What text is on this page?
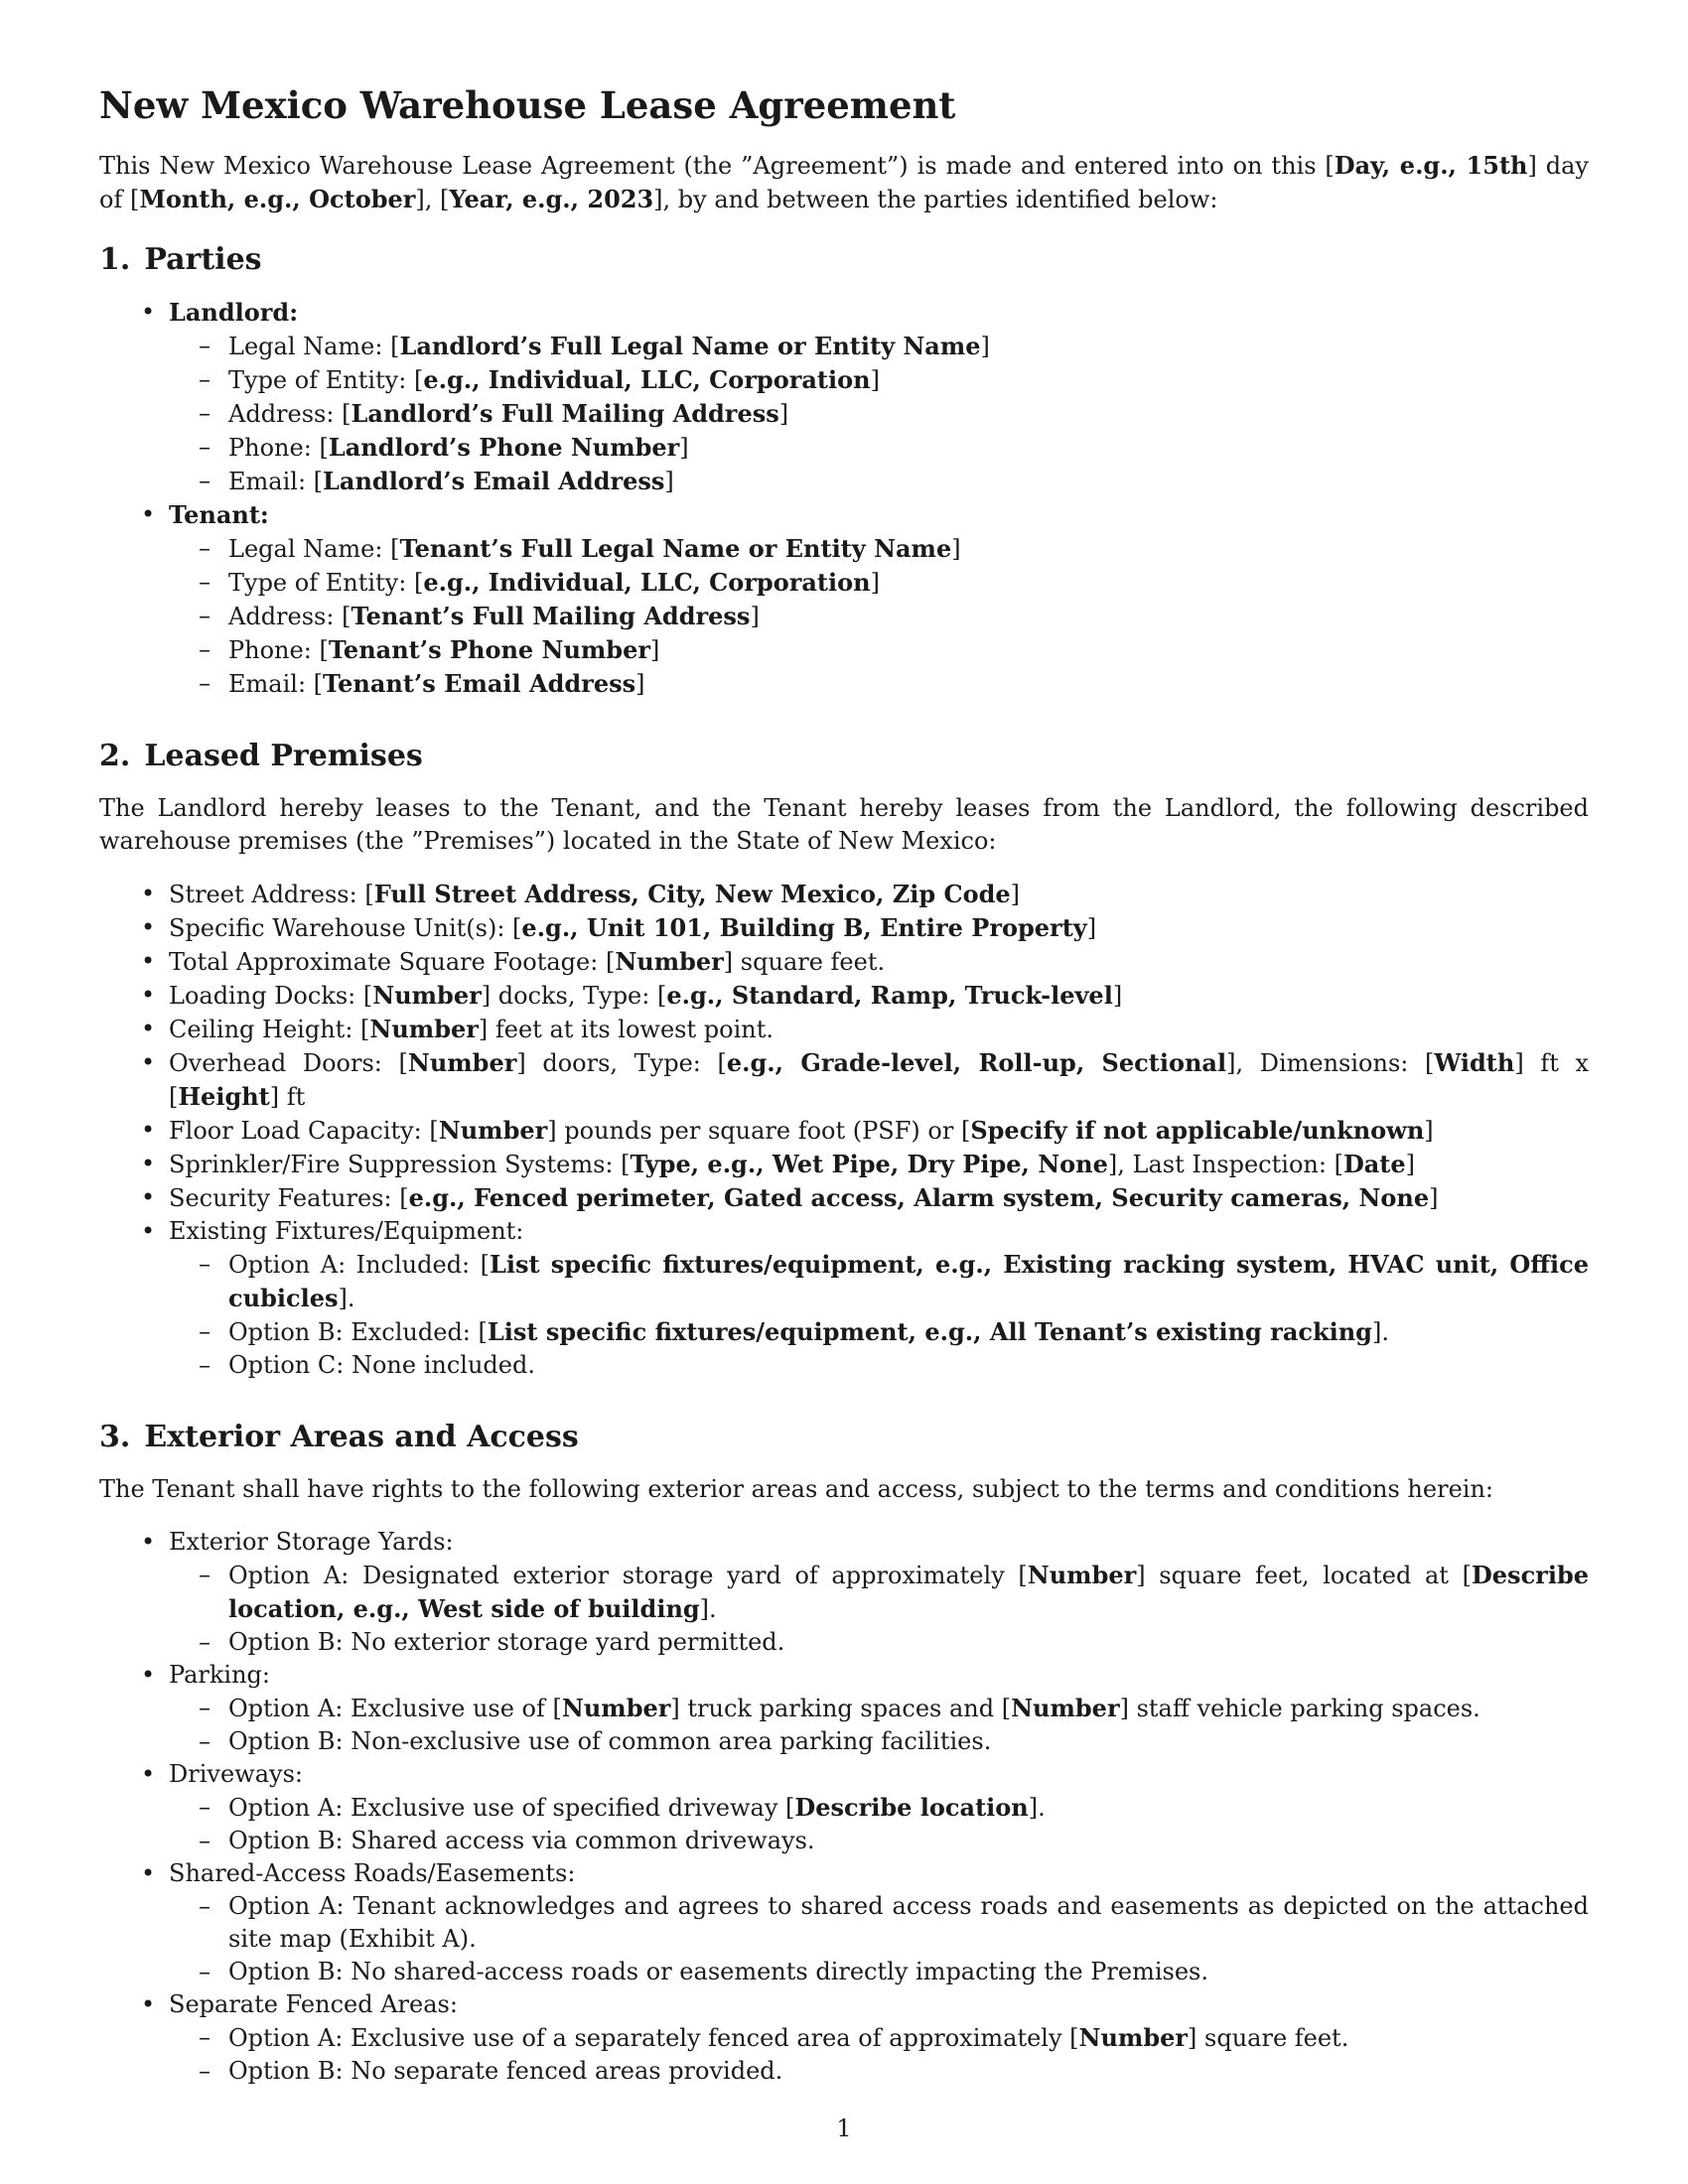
New Mexico Warehouse Lease Agreement

This New Mexico Warehouse Lease Agreement (the ”Agreement”) is made and entered into on this [Day, e.g., 15th] day of [Month, e.g., October], [Year, e.g., 2023], by and between the parties identified below:

1. Parties
• Landlord:
– Legal Name: [Landlord’s Full Legal Name or Entity Name]
– Type of Entity: [e.g., Individual, LLC, Corporation]
– Address: [Landlord’s Full Mailing Address]
– Phone: [Landlord’s Phone Number]
– Email: [Landlord’s Email Address]
• Tenant:
– Legal Name: [Tenant’s Full Legal Name or Entity Name]
– Type of Entity: [e.g., Individual, LLC, Corporation]
– Address: [Tenant’s Full Mailing Address]
– Phone: [Tenant’s Phone Number]
– Email: [Tenant’s Email Address]
2. Leased Premises

The Landlord hereby leases to the Tenant, and the Tenant hereby leases from the Landlord, the following described warehouse premises (the ”Premises”) located in the State of New Mexico:

• Street Address: [Full Street Address, City, New Mexico, Zip Code]
• Specific Warehouse Unit(s): [e.g., Unit 101, Building B, Entire Property]
• Total Approximate Square Footage: [Number] square feet.
• Loading Docks: [Number] docks, Type: [e.g., Standard, Ramp, Truck-level]
• Ceiling Height: [Number] feet at its lowest point.
• Overhead Doors: [Number] doors, Type: [e.g., Grade-level, Roll-up, Sectional], Dimensions: [Width] ft x [Height] ft
• Floor Load Capacity: [Number] pounds per square foot (PSF) or [Specify if not applicable/unknown]
• Sprinkler/Fire Suppression Systems: [Type, e.g., Wet Pipe, Dry Pipe, None], Last Inspection: [Date]
• Security Features: [e.g., Fenced perimeter, Gated access, Alarm system, Security cameras, None]
• Existing Fixtures/Equipment:
– Option A: Included: [List specific fixtures/equipment, e.g., Existing racking system, HVAC unit, Office cubicles].
– Option B: Excluded: [List specific fixtures/equipment, e.g., All Tenant’s existing racking].
– Option C: None included.
3. Exterior Areas and Access

The Tenant shall have rights to the following exterior areas and access, subject to the terms and conditions herein:

• Exterior Storage Yards:
– Option A: Designated exterior storage yard of approximately [Number] square feet, located at [Describe location, e.g., West side of building].
– Option B: No exterior storage yard permitted.
• Parking:
– Option A: Exclusive use of [Number] truck parking spaces and [Number] staff vehicle parking spaces.
– Option B: Non-exclusive use of common area parking facilities.
• Driveways:
– Option A: Exclusive use of specified driveway [Describe location].
– Option B: Shared access via common driveways.
• Shared-Access Roads/Easements:
– Option A: Tenant acknowledges and agrees to shared access roads and easements as depicted on the attached site map (Exhibit A).
– Option B: No shared-access roads or easements directly impacting the Premises.
• Separate Fenced Areas:
– Option A: Exclusive use of a separately fenced area of approximately [Number] square feet.
– Option B: No separate fenced areas provided.
1
